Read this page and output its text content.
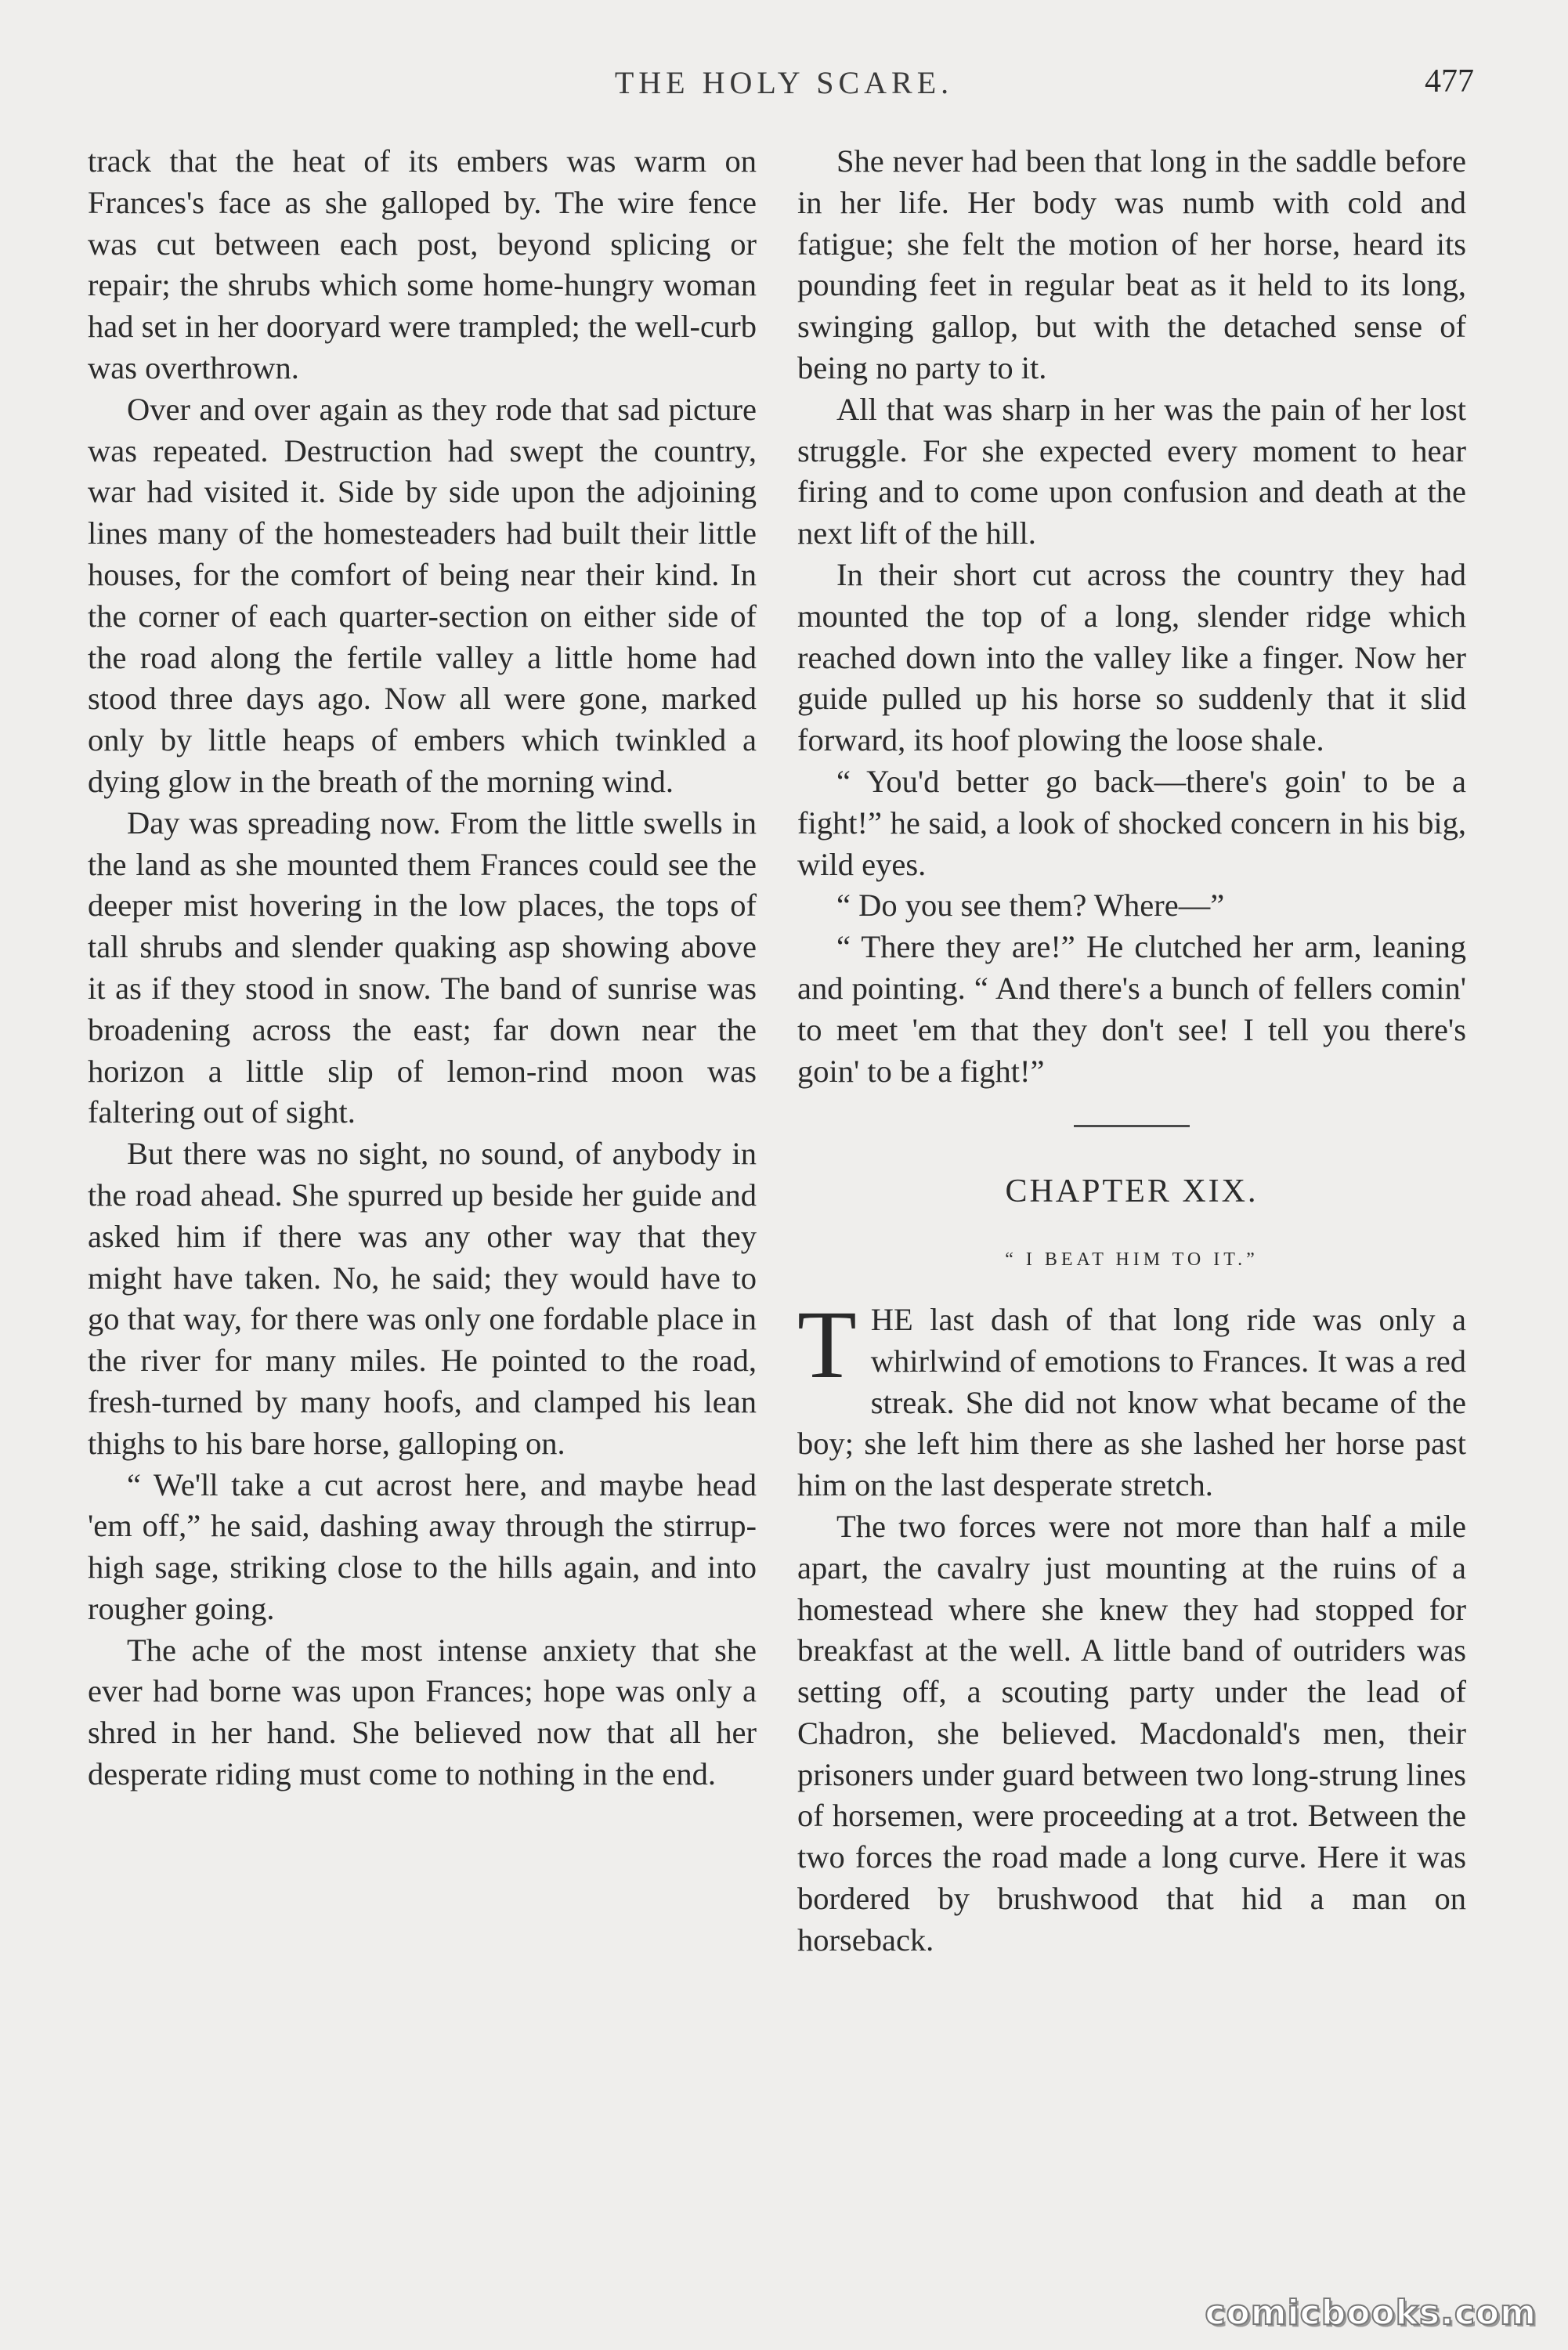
THE HOLY SCARE.	477

track that the heat of its embers was warm on Frances's face as she galloped by. The wire fence was cut between each post, beyond splicing or repair; the shrubs which some home-hungry woman had set in her dooryard were trampled; the well-curb was overthrown.

Over and over again as they rode that sad picture was repeated. Destruction had swept the country, war had visited it. Side by side upon the adjoining lines many of the homesteaders had built their little houses, for the comfort of being near their kind. In the corner of each quarter-section on either side of the road along the fertile valley a little home had stood three days ago. Now all were gone, marked only by little heaps of embers which twinkled a dying glow in the breath of the morning wind.

Day was spreading now. From the little swells in the land as she mounted them Frances could see the deeper mist hovering in the low places, the tops of tall shrubs and slender quaking asp showing above it as if they stood in snow. The band of sunrise was broadening across the east; far down near the horizon a little slip of lemon-rind moon was faltering out of sight.

But there was no sight, no sound, of anybody in the road ahead. She spurred up beside her guide and asked him if there was any other way that they might have taken. No, he said; they would have to go that way, for there was only one fordable place in the river for many miles. He pointed to the road, fresh-turned by many hoofs, and clamped his lean thighs to his bare horse, galloping on.

“ We'll take a cut acrost here, and maybe head 'em off,” he said, dashing away through the stirrup-high sage, striking close to the hills again, and into rougher going.

The ache of the most intense anxiety that she ever had borne was upon Frances; hope was only a shred in her hand. She believed now that all her desperate riding must come to nothing in the end.

She never had been that long in the saddle before in her life. Her body was numb with cold and fatigue; she felt the motion of her horse, heard its pounding feet in regular beat as it held to its long, swinging gallop, but with the detached sense of being no party to it.

All that was sharp in her was the pain of her lost struggle. For she expected every moment to hear firing and to come upon confusion and death at the next lift of the hill.

In their short cut across the country they had mounted the top of a long, slender ridge which reached down into the valley like a finger. Now her guide pulled up his horse so suddenly that it slid forward, its hoof plowing the loose shale.

“ You'd better go back—there's goin' to be a fight!” he said, a look of shocked concern in his big, wild eyes.

“ Do you see them? Where—”

“ There they are!” He clutched her arm, leaning and pointing. “ And there's a bunch of fellers comin' to meet 'em that they don't see! I tell you there's goin' to be a fight!”

CHAPTER XIX.
“ I BEAT HIM TO IT.”

THE last dash of that long ride was only a whirlwind of emotions to Frances. It was a red streak. She did not know what became of the boy; she left him there as she lashed her horse past him on the last desperate stretch.

The two forces were not more than half a mile apart, the cavalry just mounting at the ruins of a homestead where she knew they had stopped for breakfast at the well. A little band of outriders was setting off, a scouting party under the lead of Chadron, she believed. Macdonald's men, their prisoners under guard between two long-strung lines of horsemen, were proceeding at a trot. Between the two forces the road made a long curve. Here it was bordered by brushwood that hid a man on horseback.

comicbooks.com
